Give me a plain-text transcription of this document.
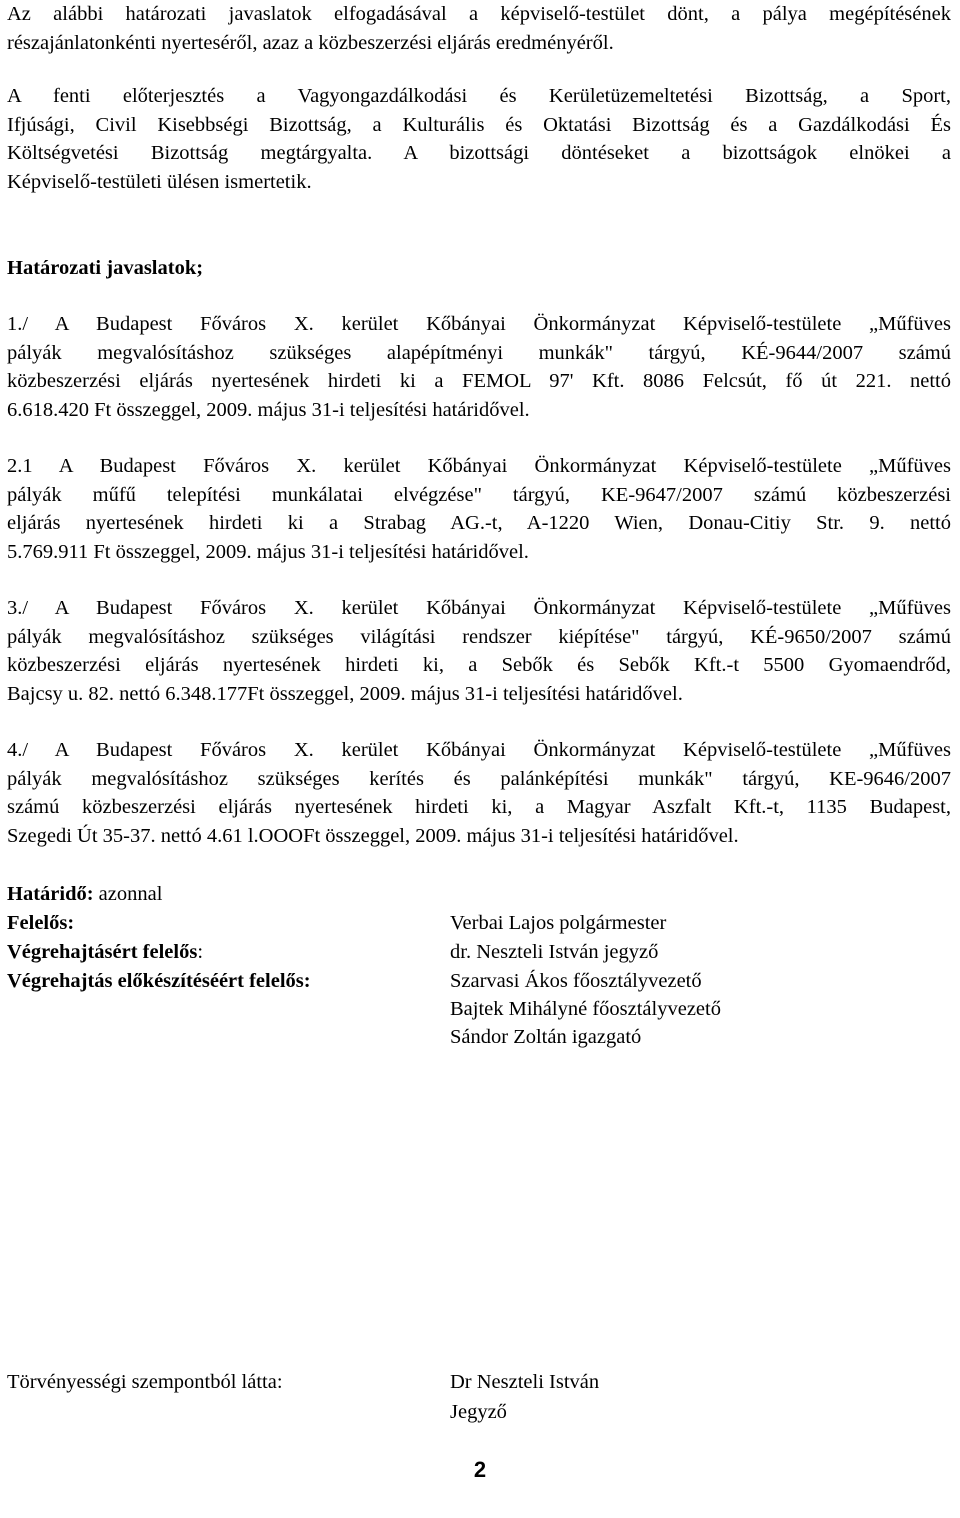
Az alábbi határozati javaslatok elfogadásával a képviselő-testület dönt, a pálya megépítésének
részajánlatonkénti nyerteséről, azaz a közbeszerzési eljárás eredményéről.
A fenti előterjesztés a Vagyongazdálkodási és Kerületüzemeltetési Bizottság, a Sport,
Ifjúsági, Civil Kisebbségi Bizottság, a Kulturális és Oktatási Bizottság és a Gazdálkodási És
Költségvetési Bizottság megtárgyalta. A bizottsági döntéseket a bizottságok elnökei a
Képviselő-testületi ülésen ismertetik.
Határozati javaslatok;
1./ A Budapest Főváros X. kerület Kőbányai Önkormányzat Képviselő-testülete „Műfüves
pályák megvalósításhoz szükséges alapépítményi munkák" tárgyú, KÉ-9644/2007 számú
közbeszerzési eljárás nyertesének hirdeti ki a FEMOL 97' Kft. 8086 Felcsút, fő út 221. nettó
6.618.420 Ft összeggel, 2009. május 31-i teljesítési határidővel.
2.1 A Budapest Főváros X. kerület Kőbányai Önkormányzat Képviselő-testülete „Műfüves
pályák műfű telepítési munkálatai elvégzése" tárgyú, KE-9647/2007 számú közbeszerzési
eljárás nyertesének hirdeti ki a Strabag AG.-t, A-1220 Wien, Donau-Citiy Str. 9. nettó
5.769.911 Ft összeggel, 2009. május 31-i teljesítési határidővel.
3./ A Budapest Főváros X. kerület Kőbányai Önkormányzat Képviselő-testülete „Műfüves
pályák megvalósításhoz szükséges világítási rendszer kiépítése" tárgyú, KÉ-9650/2007 számú
közbeszerzési eljárás nyertesének hirdeti ki, a Sebők és Sebők Kft.-t 5500 Gyomaendrőd,
Bajcsy u. 82. nettó 6.348.177Ft összeggel, 2009. május 31-i teljesítési határidővel.
4./ A Budapest Főváros X. kerület Kőbányai Önkormányzat Képviselő-testülete „Műfüves
pályák megvalósításhoz szükséges kerítés és palánképítési munkák" tárgyú, KE-9646/2007
számú közbeszerzési eljárás nyertesének hirdeti ki, a Magyar Aszfalt Kft.-t, 1135 Budapest,
Szegedi Út 35-37. nettó 4.61 l.OOOFt összeggel, 2009. május 31-i teljesítési határidővel.
Határidő: azonnal
Felelős:	Verbai Lajos polgármester
Végrehajtásért felelős:	dr. Neszteli István jegyző
Végrehajtás előkészítéséért felelős:	Szarvasi Ákos főosztályvezető
Bajtek Mihályné főosztályvezető
Sándor Zoltán igazgató
Törvényességi szempontból látta:	Dr Neszteli István
Jegyző
2
